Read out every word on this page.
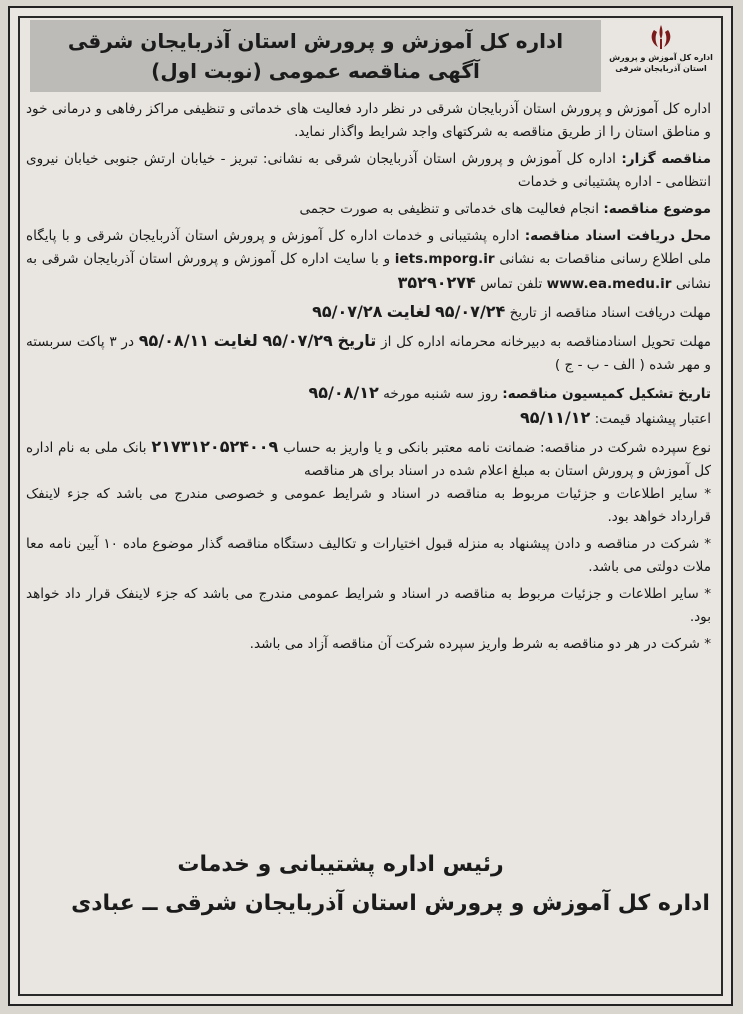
اداره کل آموزش و پرورش استان آذربایجان شرقی
آگهی مناقصه عمومی (نوبت اول)
اداره کل آموزش و پرورش
استان آذربایجان شرقی

اداره کل آموزش و پرورش استان آذربایجان شرقی در نظر دارد فعالیت های خدماتی و تنظیفی مراکز رفاهی و درمانی خود و مناطق استان را از طریق مناقصه به شرکتهای واجد شرایط واگذار نماید.

مناقصه گزار: اداره کل آموزش و پرورش استان آذربایجان شرقی به نشانی: تبریز - خیابان ارتش جنوبی خیابان نیروی انتظامی - اداره پشتیبانی و خدمات

موضوع مناقصه: انجام فعالیت های خدماتی و تنظیفی به صورت حجمی

محل دریافت اسناد مناقصه: اداره پشتیبانی و خدمات اداره کل آموزش و پرورش استان آذربایجان شرقی و با پایگاه ملی اطلاع رسانی مناقصات به نشانی iets.mporg.ir و با سایت اداره کل آموزش و پرورش استان آذربایجان شرقی به نشانی www.ea.medu.ir تلفن تماس ۳۵۲۹۰۲۷۴

مهلت دریافت اسناد مناقصه از تاریخ ۹۵/۰۷/۲۴ لغایت ۹۵/۰۷/۲۸

مهلت تحویل اسنادمناقصه به دبیرخانه محرمانه اداره کل از تاریخ ۹۵/۰۷/۲۹ لغایت ۹۵/۰۸/۱۱ در ۳ پاکت سربسته و مهر شده ( الف - ب - ج )

تاریخ تشکیل کمیسیون مناقصه: روز سه شنبه مورخه ۹۵/۰۸/۱۲

اعتبار پیشنهاد قیمت: ۹۵/۱۱/۱۲

نوع سپرده شرکت در مناقصه: ضمانت نامه معتبر بانکی و یا واریز به حساب ۲۱۷۳۱۲۰۵۲۴۰۰۹ بانک ملی به نام اداره کل آموزش و پرورش استان به مبلغ اعلام شده در اسناد برای هر مناقصه

* سایر اطلاعات و جزئیات مربوط به مناقصه در اسناد و شرایط عمومی و خصوصی مندرج می باشد که جزء لاینفک قرارداد خواهد بود.

* شرکت در مناقصه و دادن پیشنهاد به منزله قبول اختیارات و تکالیف دستگاه مناقصه گذار موضوع ماده ۱۰ آیین نامه معا ملات دولتی می باشد.

* سایر اطلاعات و جزئیات مربوط به مناقصه در اسناد و شرایط عمومی مندرج می باشد که جزء لاینفک قرار داد خواهد بود.

* شرکت در هر دو مناقصه به شرط واریز سپرده شرکت آن مناقصه آزاد می باشد.

رئیس اداره پشتیبانی و خدمات
اداره کل آموزش و پرورش استان آذربایجان شرقی ــ عبادی
